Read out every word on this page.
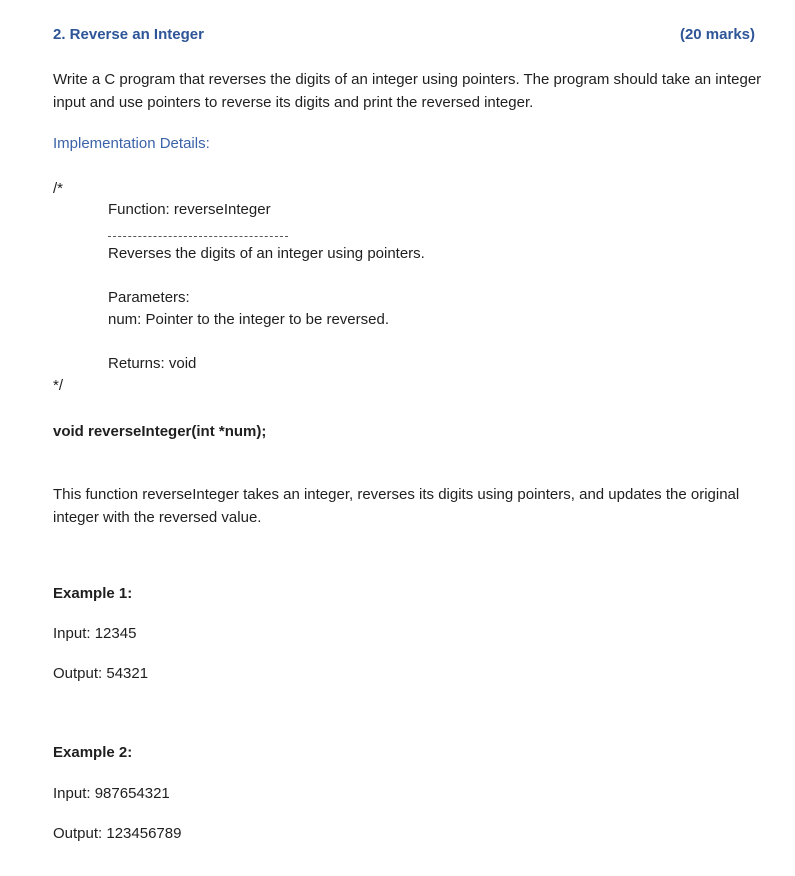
2. Reverse an Integer	(20 marks)
Write a C program that reverses the digits of an integer using pointers. The program should take an integer input and use pointers to reverse its digits and print the reversed integer.
Implementation Details:
/*
Function: reverseInteger
Reverses the digits of an integer using pointers.
Parameters:
num: Pointer to the integer to be reversed.
Returns: void
*/
void reverseInteger(int *num);
This function reverseInteger takes an integer, reverses its digits using pointers, and updates the original integer with the reversed value.
Example 1:
Input: 12345
Output: 54321
Example 2:
Input: 987654321
Output: 123456789
